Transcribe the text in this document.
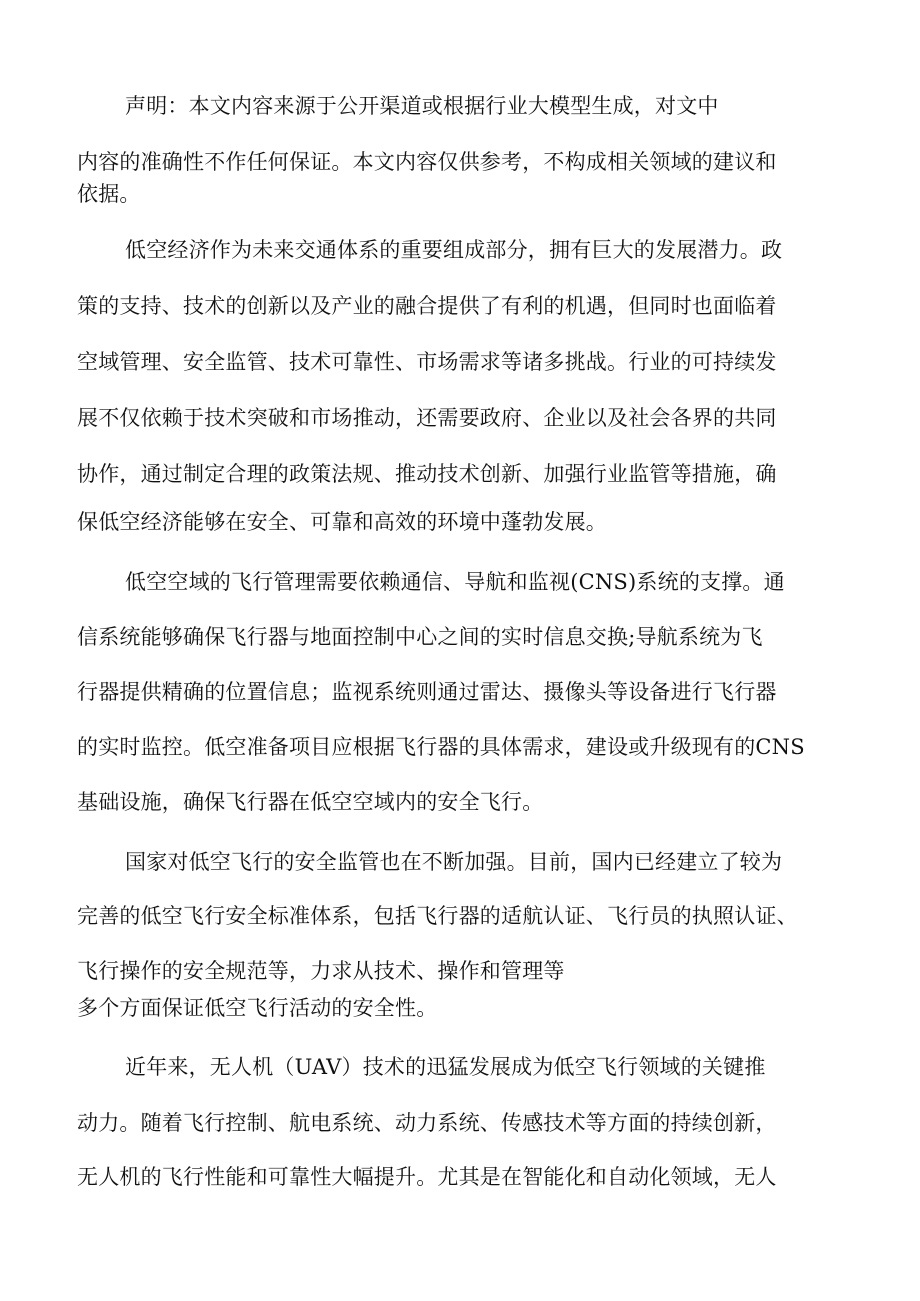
声明：本文内容来源于公开渠道或根据行业大模型生成，对文中
内容的准确性不作任何保证。本文内容仅供参考，不构成相关领域的建议和
依据。
低空经济作为未来交通体系的重要组成部分，拥有巨大的发展潜力。政
策的支持、技术的创新以及产业的融合提供了有利的机遇，但同时也面临着
空域管理、安全监管、技术可靠性、市场需求等诸多挑战。行业的可持续发
展不仅依赖于技术突破和市场推动，还需要政府、企业以及社会各界的共同
协作，通过制定合理的政策法规、推动技术创新、加强行业监管等措施，确
保低空经济能够在安全、可靠和高效的环境中蓬勃发展。
低空空域的飞行管理需要依赖通信、导航和监视(CNS)系统的支撑。通
信系统能够确保飞行器与地面控制中心之间的实时信息交换;导航系统为飞
行器提供精确的位置信息；监视系统则通过雷达、摄像头等设备进行飞行器
的实时监控。低空准备项目应根据飞行器的具体需求，建设或升级现有的CNS
基础设施，确保飞行器在低空空域内的安全飞行。
国家对低空飞行的安全监管也在不断加强。目前，国内已经建立了较为
完善的低空飞行安全标准体系，包括飞行器的适航认证、飞行员的执照认证、
飞行操作的安全规范等，力求从技术、操作和管理等
多个方面保证低空飞行活动的安全性。
近年来，无人机（UAV）技术的迅猛发展成为低空飞行领域的关键推
动力。随着飞行控制、航电系统、动力系统、传感技术等方面的持续创新，
无人机的飞行性能和可靠性大幅提升。尤其是在智能化和自动化领域，无人
